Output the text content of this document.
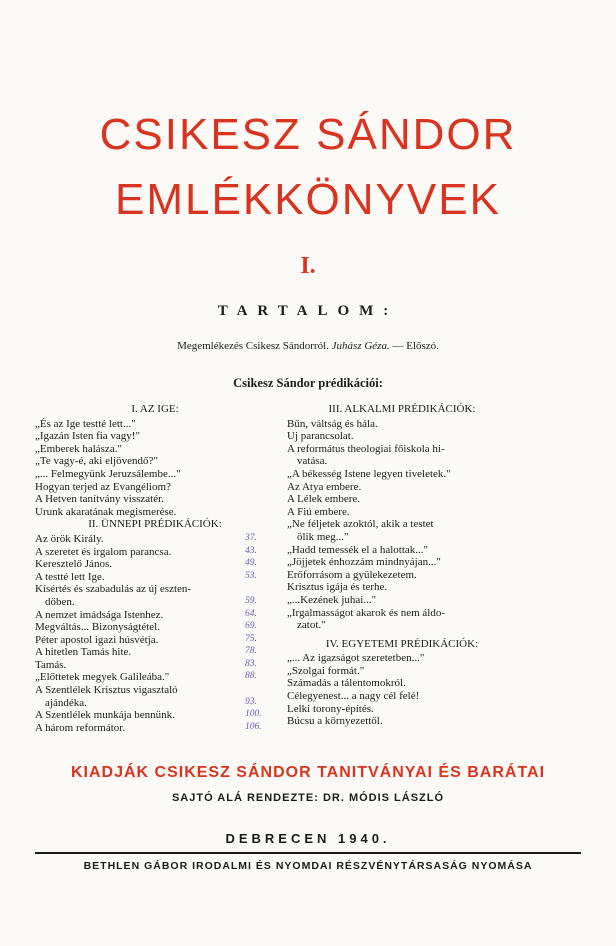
CSIKESZ SÁNDOR
EMLÉKKÖNYVEK
I.
TARTALOM:
Megemlékezés Csikesz Sándorról. Juhász Géza. — Előszó.
Csikesz Sándor prédikációi:
I. AZ IGE:
„És az Ige testté lett..."
„Igazán Isten fia vagy!"
„Emberek halásza."
„Te vagy-é, aki eljövendő?"
„... Felmegyünk Jeruzsálembe..."
Hogyan terjed az Evangéliom?
A Hetven tanítvány visszatér.
Urunk akaratának megismerése.
II. ÜNNEPI PRÉDIKÁCIÓK:
Az örök Király.	37.
A szeretet és irgalom parancsa.	43.
Keresztelő János.	49.
A testté lett Ige.	53.
Kísértés és szabadulás az új eszten-
dőben.	59.
A nemzet imádsága Istenhez.	64.
Megváltás... Bizonyságtétel.	69.
Péter apostol igazi húsvétja.	75.
A hitetlen Tamás hite.	78.
Tamás.	83.
„Előttetek megyek Galileába."	88.
A Szentlélek Krisztus vigasztaló
ajándéka.	93.
A Szentlélek munkája bennünk.	100.
A három reformátor.	106.
III. ALKALMI PRÉDIKÁCIÓK:
Bűn, váltság és hála.
Uj parancsolat.
A református theologiai főiskola hi-
vatása.
„A békesség Istene legyen tiveletek."
Az Atya embere.
A Lélek embere.
A Fiú embere.
„Ne féljetek azoktól, akik a testet
ölik meg..."
„Hadd temessék el a halottak..."
„Jöjjetek énhozzám mindnyájan..."
Erőforrásom a gyülekezetem.
Krisztus igája és terhe.
„...Kezének juhai..."
„Irgalmasságot akarok és nem áldo-
zatot."
IV. EGYETEMI PRÉDIKÁCIÓK:
„... Az igazságot szeretetben..."
„Szolgai formát."
Számadás a tálentomokról.
Célegyenest... a nagy cél felé!
Lelki torony-építés.
Búcsu a környezettől.
KIADJÁK CSIKESZ SÁNDOR TANITVÁNYAI ÉS BARÁTAI
SAJTÓ ALÁ RENDEZTE: DR. MÓDIS LÁSZLÓ
DEBRECEN 1940.
BETHLEN GÁBOR IRODALMI ÉS NYOMDAI RÉSZVÉNYTÁRSASÁG NYOMÁSA
